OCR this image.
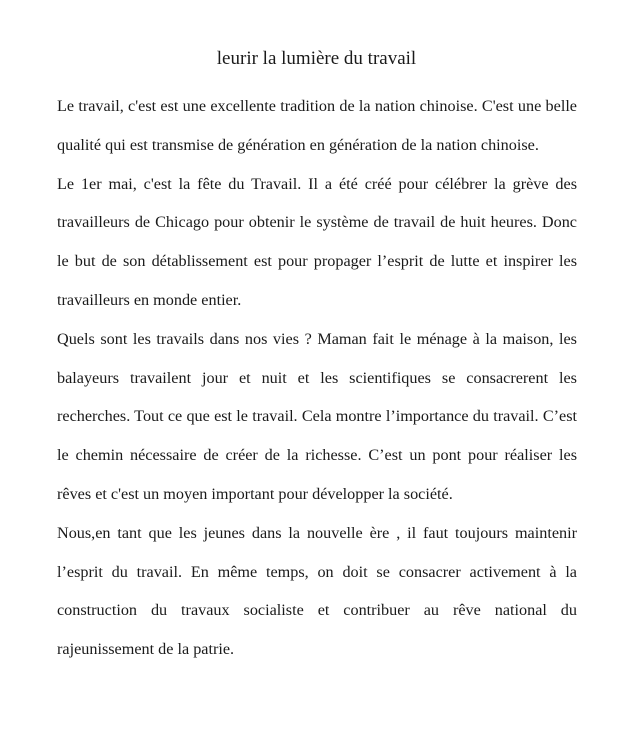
leurir la lumière du travail

Le travail, c'est est une excellente tradition de la nation chinoise. C'est une belle qualité qui est transmise de génération en génération de la nation chinoise.

Le 1er mai, c'est la fête du Travail. Il a été créé pour célébrer la grève des travailleurs de Chicago pour obtenir le système de travail de huit heures. Donc le but de son détablissement est pour propager l’esprit de lutte et inspirer les travailleurs en monde entier.

Quels sont les travails dans nos vies ? Maman fait le ménage à la maison, les balayeurs travailent jour et nuit et les scientifiques se consacrerent les recherches. Tout ce que est le travail. Cela montre l’importance du travail. C’est le chemin nécessaire de créer de la richesse. C’est un pont pour réaliser les rêves et c'est un moyen important pour développer la société.

Nous,en tant que les jeunes dans la nouvelle ère , il faut toujours maintenir l’esprit du travail. En même temps, on doit se consacrer activement à la construction du travaux socialiste et contribuer au rêve national du rajeunissement de la patrie.
